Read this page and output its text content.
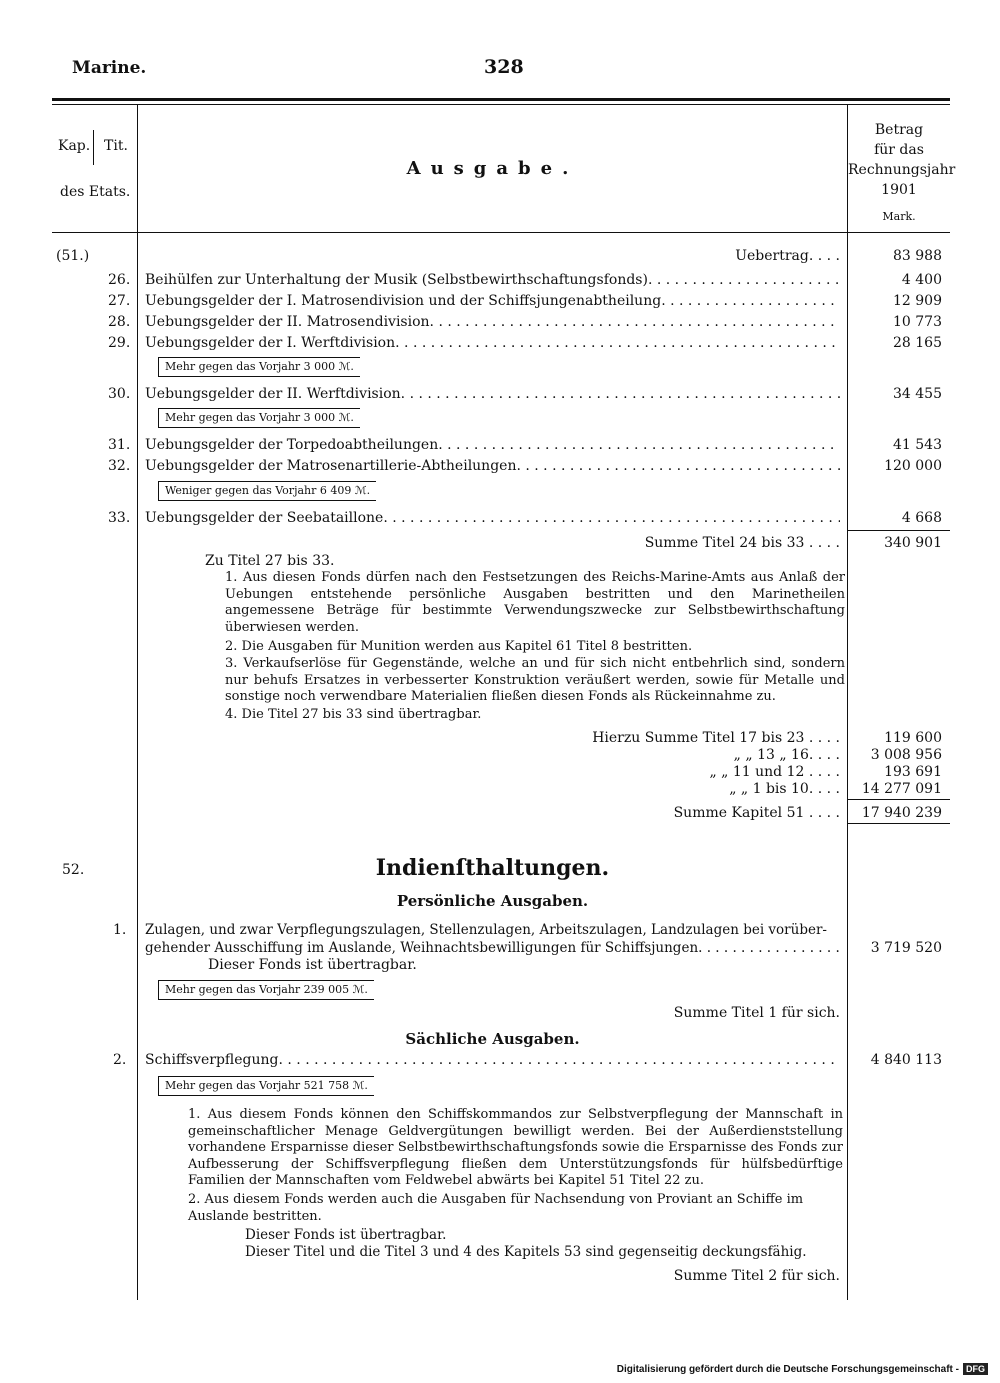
Marine.	328
Kap. Tit.
des Etats.
Ausgabe.
Betrag
für das
Rechnungsjahr
1901
Mark.
(51.)	Uebertrag. . . .	83 988
26. Beihülfen zur Unterhaltung der Musik (Selbstbewirthschaftungsfonds) . . .	4 400
27. Uebungsgelder der I. Matrosendivision und der Schiffsjungenabtheilung . . .	12 909
28. Uebungsgelder der II. Matrosendivision . . .	10 773
29. Uebungsgelder der I. Werftdivision . . .	28 165
Mehr gegen das Vorjahr 3 000 ℳ.
30. Uebungsgelder der II. Werftdivision . . .	34 455
Mehr gegen das Vorjahr 3 000 ℳ.
31. Uebungsgelder der Torpedoabtheilungen . . .	41 543
32. Uebungsgelder der Matrosenartillerie-Abtheilungen . . .	120 000
Weniger gegen das Vorjahr 6 409 ℳ.
33. Uebungsgelder der Seebataillone . . .	4 668
Summe Titel 24 bis 33 . . . .	340 901
Zu Titel 27 bis 33.
1. Aus diesen Fonds dürfen nach den Festsetzungen des Reichs-Marine-Amts aus Anlaß der Uebungen entstehende persönliche Ausgaben bestritten und den Marinetheilen angemessene Beträge für bestimmte Verwendungszwecke zur Selbstbewirthschaftung überwiesen werden.
2. Die Ausgaben für Munition werden aus Kapitel 61 Titel 8 bestritten.
3. Verkaufserlöse für Gegenstände, welche an und für sich nicht entbehrlich sind, sondern nur behufs Ersatzes in verbesserter Konstruktion veräußert werden, sowie für Metalle und sonstige noch verwendbare Materialien fließen diesen Fonds als Rückeinnahme zu.
4. Die Titel 27 bis 33 sind übertragbar.
Hierzu Summe Titel 17 bis 23 . . . .	119 600
„ „ 13 „ 16. . . . 3 008 956
„ „ 11 und 12 . . . .	193 691
„ „ 1 bis 10. . . . 14 277 091
Summe Kapitel 51 . . . . 17 940 239
52.	Indienſthaltungen.
Persönliche Ausgaben.
1. Zulagen, und zwar Verpflegungszulagen, Stellenzulagen, Arbeitszulagen, Landzulagen bei vorüber-
gehender Ausschiffung im Auslande, Weihnachtsbewilligungen für Schiffsjungen . . .	3 719 520
Dieser Fonds ist übertragbar.
Mehr gegen das Vorjahr 239 005 ℳ.
Summe Titel 1 für sich.
Sächliche Ausgaben.
2. Schiffsverpflegung . . .	4 840 113
Mehr gegen das Vorjahr 521 758 ℳ.
1. Aus diesem Fonds können den Schiffskommandos zur Selbstverpflegung der Mannschaft in gemeinschaftlicher Menage Geldvergütungen bewilligt werden. Bei der Außerdienststellung vorhandene Ersparnisse dieser Selbstbewirthschaftungsfonds sowie die Ersparnisse des Fonds zur Aufbesserung der Schiffsverpflegung fließen dem Unterstützungsfonds für hülfsbedürftige Familien der Mannschaften vom Feldwebel abwärts bei Kapitel 51 Titel 22 zu.
2. Aus diesem Fonds werden auch die Ausgaben für Nachsendung von Proviant an Schiffe im Auslande bestritten.
Dieser Fonds ist übertragbar.
Dieser Titel und die Titel 3 und 4 des Kapitels 53 sind gegenseitig deckungsfähig.
Summe Titel 2 für sich.
Digitalisierung gefördert durch die Deutsche Forschungsgemeinschaft - DFG
